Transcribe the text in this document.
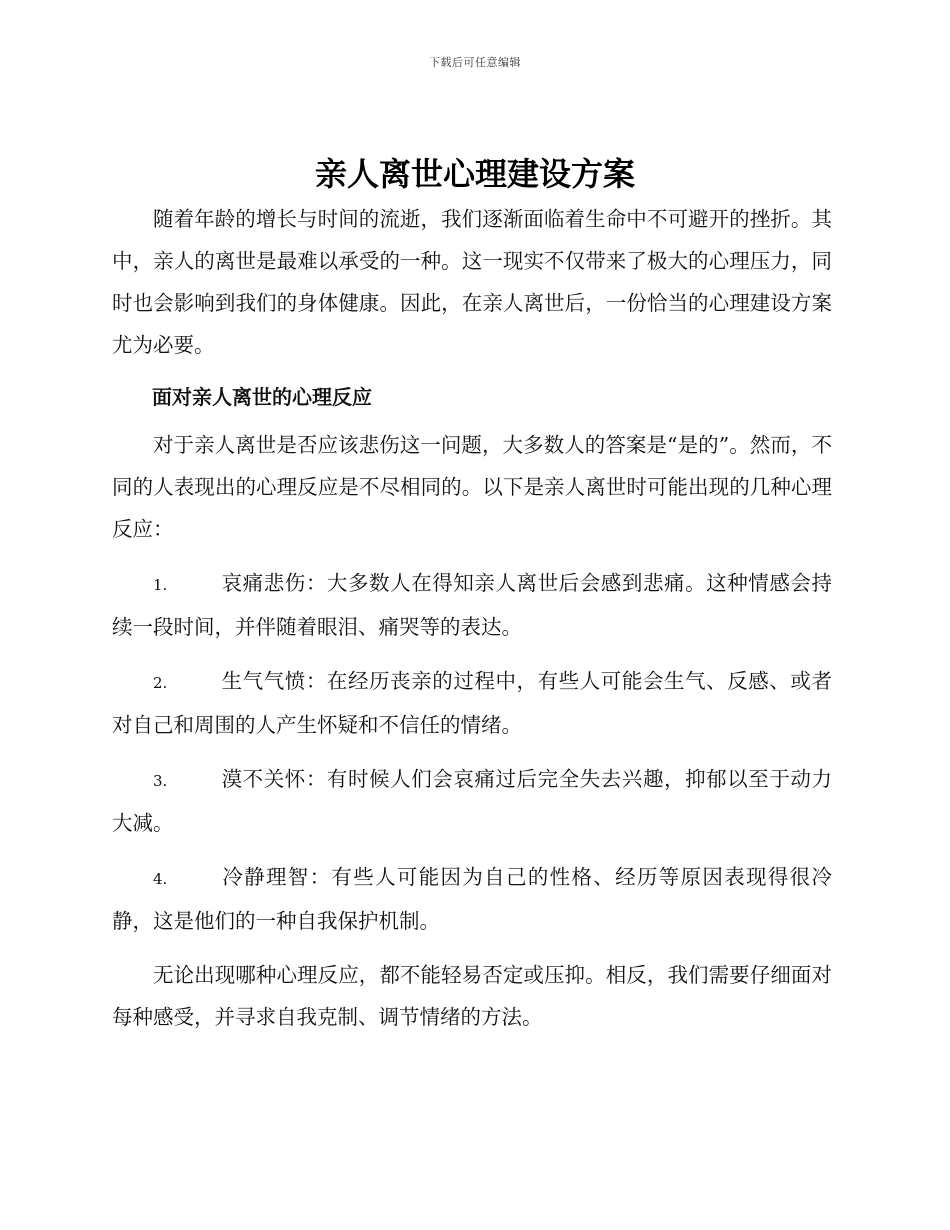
下载后可任意编辑
亲人离世心理建设方案

随着年龄的增长与时间的流逝，我们逐渐面临着生命中不可避开的挫折。其中，亲人的离世是最难以承受的一种。这一现实不仅带来了极大的心理压力，同时也会影响到我们的身体健康。因此，在亲人离世后，一份恰当的心理建设方案尤为必要。

面对亲人离世的心理反应

对于亲人离世是否应该悲伤这一问题，大多数人的答案是“是的”。然而，不同的人表现出的心理反应是不尽相同的。以下是亲人离世时可能出现的几种心理反应：

1.	哀痛悲伤：大多数人在得知亲人离世后会感到悲痛。这种情感会持续一段时间，并伴随着眼泪、痛哭等的表达。

2.	生气气愤：在经历丧亲的过程中，有些人可能会生气、反感、或者对自己和周围的人产生怀疑和不信任的情绪。

3.	漠不关怀：有时候人们会哀痛过后完全失去兴趣，抑郁以至于动力大减。

4.	冷静理智：有些人可能因为自己的性格、经历等原因表现得很冷静，这是他们的一种自我保护机制。

无论出现哪种心理反应，都不能轻易否定或压抑。相反，我们需要仔细面对每种感受，并寻求自我克制、调节情绪的方法。
